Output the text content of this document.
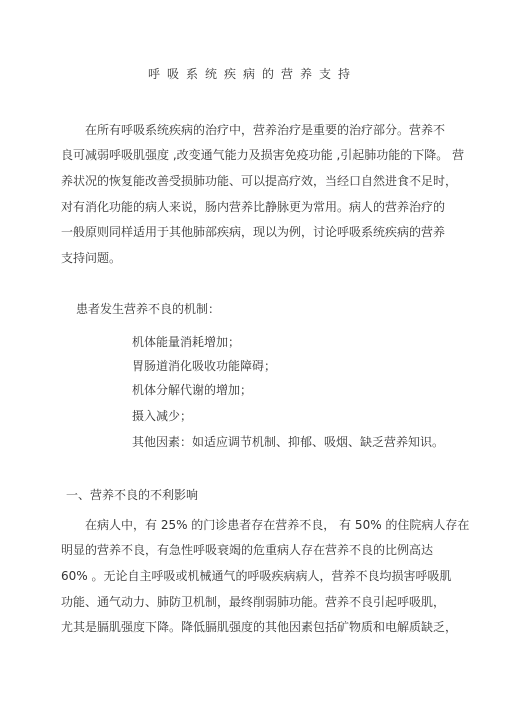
呼吸系统疾病的营养支持
在所有呼吸系统疾病的治疗中，营养治疗是重要的治疗部分。营养不
良可减弱呼吸肌强度 ,改变通气能力及损害免疫功能 ,引起肺功能的下降。 营
养状况的恢复能改善受损肺功能、可以提高疗效，当经口自然进食不足时，
对有消化功能的病人来说，肠内营养比静脉更为常用。病人的营养治疗的
一般原则同样适用于其他肺部疾病，现以为例，讨论呼吸系统疾病的营养
支持问题。
患者发生营养不良的机制：
机体能量消耗增加；
胃肠道消化吸收功能障碍；
机体分解代谢的增加；
摄入减少；
其他因素：如适应调节机制、抑郁、吸烟、缺乏营养知识。
一、营养不良的不利影响
在病人中，有 25% 的门诊患者存在营养不良， 有 50% 的住院病人存在
明显的营养不良，有急性呼吸衰竭的危重病人存在营养不良的比例高达
60% 。无论自主呼吸或机械通气的呼吸疾病病人，营养不良均损害呼吸肌
功能、通气动力、肺防卫机制，最终削弱肺功能。营养不良引起呼吸肌，
尤其是膈肌强度下降。降低膈肌强度的其他因素包括矿物质和电解质缺乏，
